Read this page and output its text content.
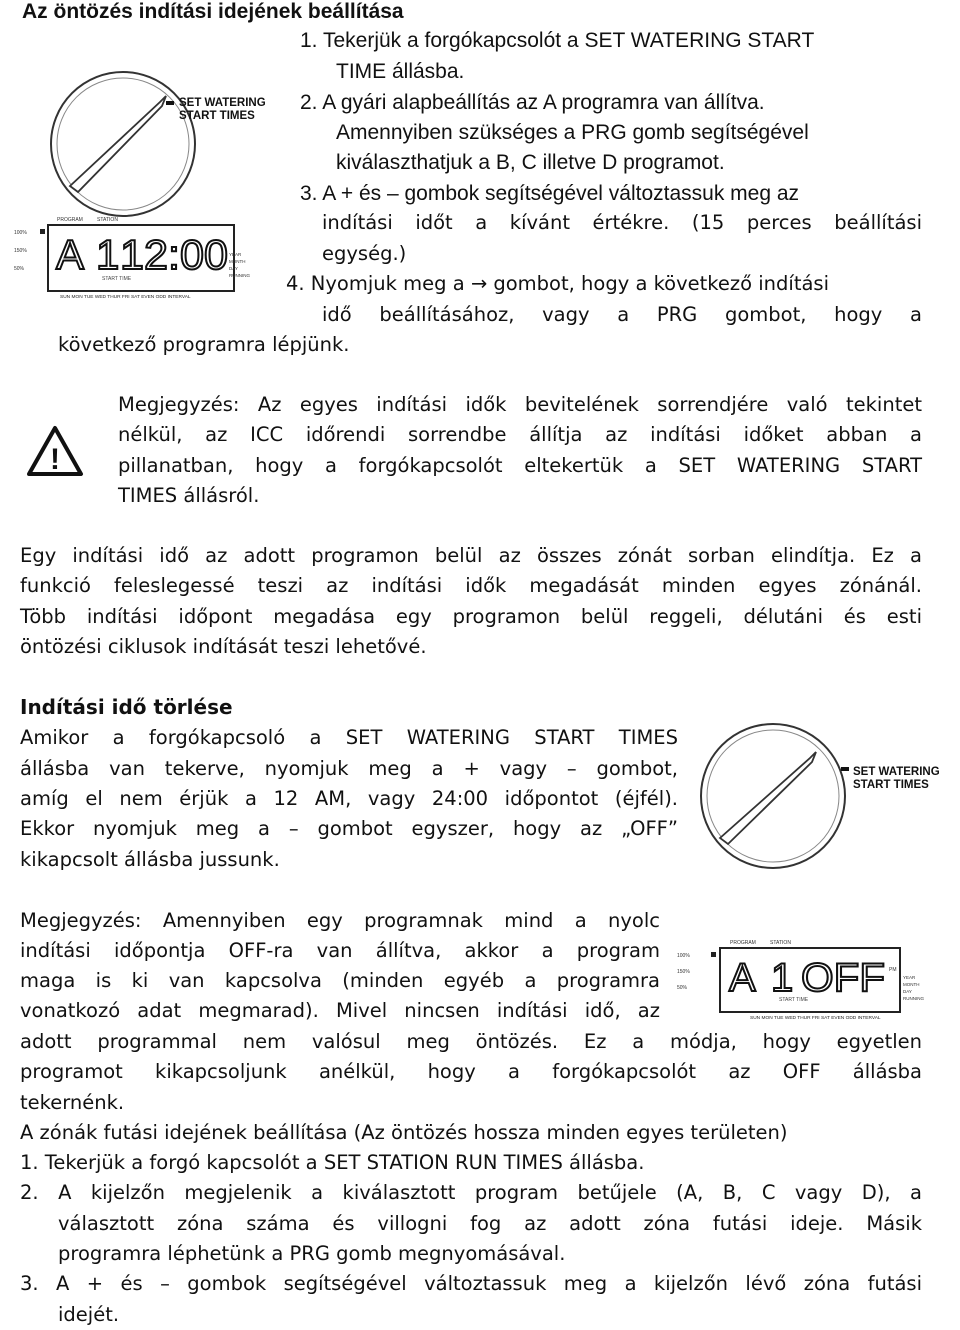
Az öntözés indítási idejének beállítása
1. Tekerjük a forgókapcsolót a SET WATERING START
TIME állásba.
2. A gyári alapbeállítás az A programra van állítva.
Amennyiben szükséges a PRG gomb segítségével
kiválaszthatjuk a B, C illetve D programot.
3. A + és – gombok segítségével változtassuk meg az
indítási időt a kívánt értékre. (15 perces beállítási
egység.)
4. Nyomjuk meg a → gombot, hogy a következő indítási
idő beállításához, vagy a PRG gombot, hogy a
következő programra lépjünk.
SET WATERING
START TIMES
PROGRAM	STATION
100%
150%
50% A 1 12:00
START TIME
YEAR
MONTH
DAY
RUNNING
SUN MON TUE WED THUR FRI SAT EVEN ODD INTERVAL
!
Megjegyzés: Az egyes indítási idők bevitelének sorrendjére való tekintet
nélkül, az ICC időrendi sorrendbe állítja az indítási időket abban a
pillanatban, hogy a forgókapcsolót eltekertük a SET WATERING START
TIMES állásról.
Egy indítási idő az adott programon belül az összes zónát sorban elindítja. Ez a
funkció feleslegessé teszi az indítási idők megadását minden egyes zónánál.
Több indítási időpont megadása egy programon belül reggeli, délutáni és esti
öntözési ciklusok indítását teszi lehetővé.
Indítási idő törlése
Amikor a forgókapcsoló a SET WATERING START TIMES
állásba van tekerve, nyomjuk meg a + vagy – gombot,
amíg el nem érjük a 12 AM, vagy 24:00 időpontot (éjfél).
Ekkor nyomjuk meg a – gombot egyszer, hogy az „OFF”
kikapcsolt állásba jussunk.
SET WATERING
START TIMES
Megjegyzés: Amennyiben egy programnak mind a nyolc
indítási időpontja OFF-ra van állítva, akkor a program
maga is ki van kapcsolva (minden egyéb a programra
vonatkozó adat megmarad). Mivel nincsen indítási idő, az
adott programmal nem valósul meg öntözés. Ez a módja, hogy egyetlen
programot kikapcsoljunk anélkül, hogy a forgókapcsolót az OFF állásba
tekernénk.
PROGRAM	STATION
100%
150%
50% A 1 OFF PM
START TIME
YEAR
MONTH
DAY
RUNNING
SUN MON TUE WED THUR FRI SAT EVEN ODD INTERVAL
A zónák futási idejének beállítása (Az öntözés hossza minden egyes területen)
1. Tekerjük a forgó kapcsolót a SET STATION RUN TIMES állásba.
2. A kijelzőn megjelenik a kiválasztott program betűjele (A, B, C vagy D), a
választott zóna száma és villogni fog az adott zóna futási ideje. Másik
programra léphetünk a PRG gomb megnyomásával.
3. A + és – gombok segítségével változtassuk meg a kijelzőn lévő zóna futási
idejét.
